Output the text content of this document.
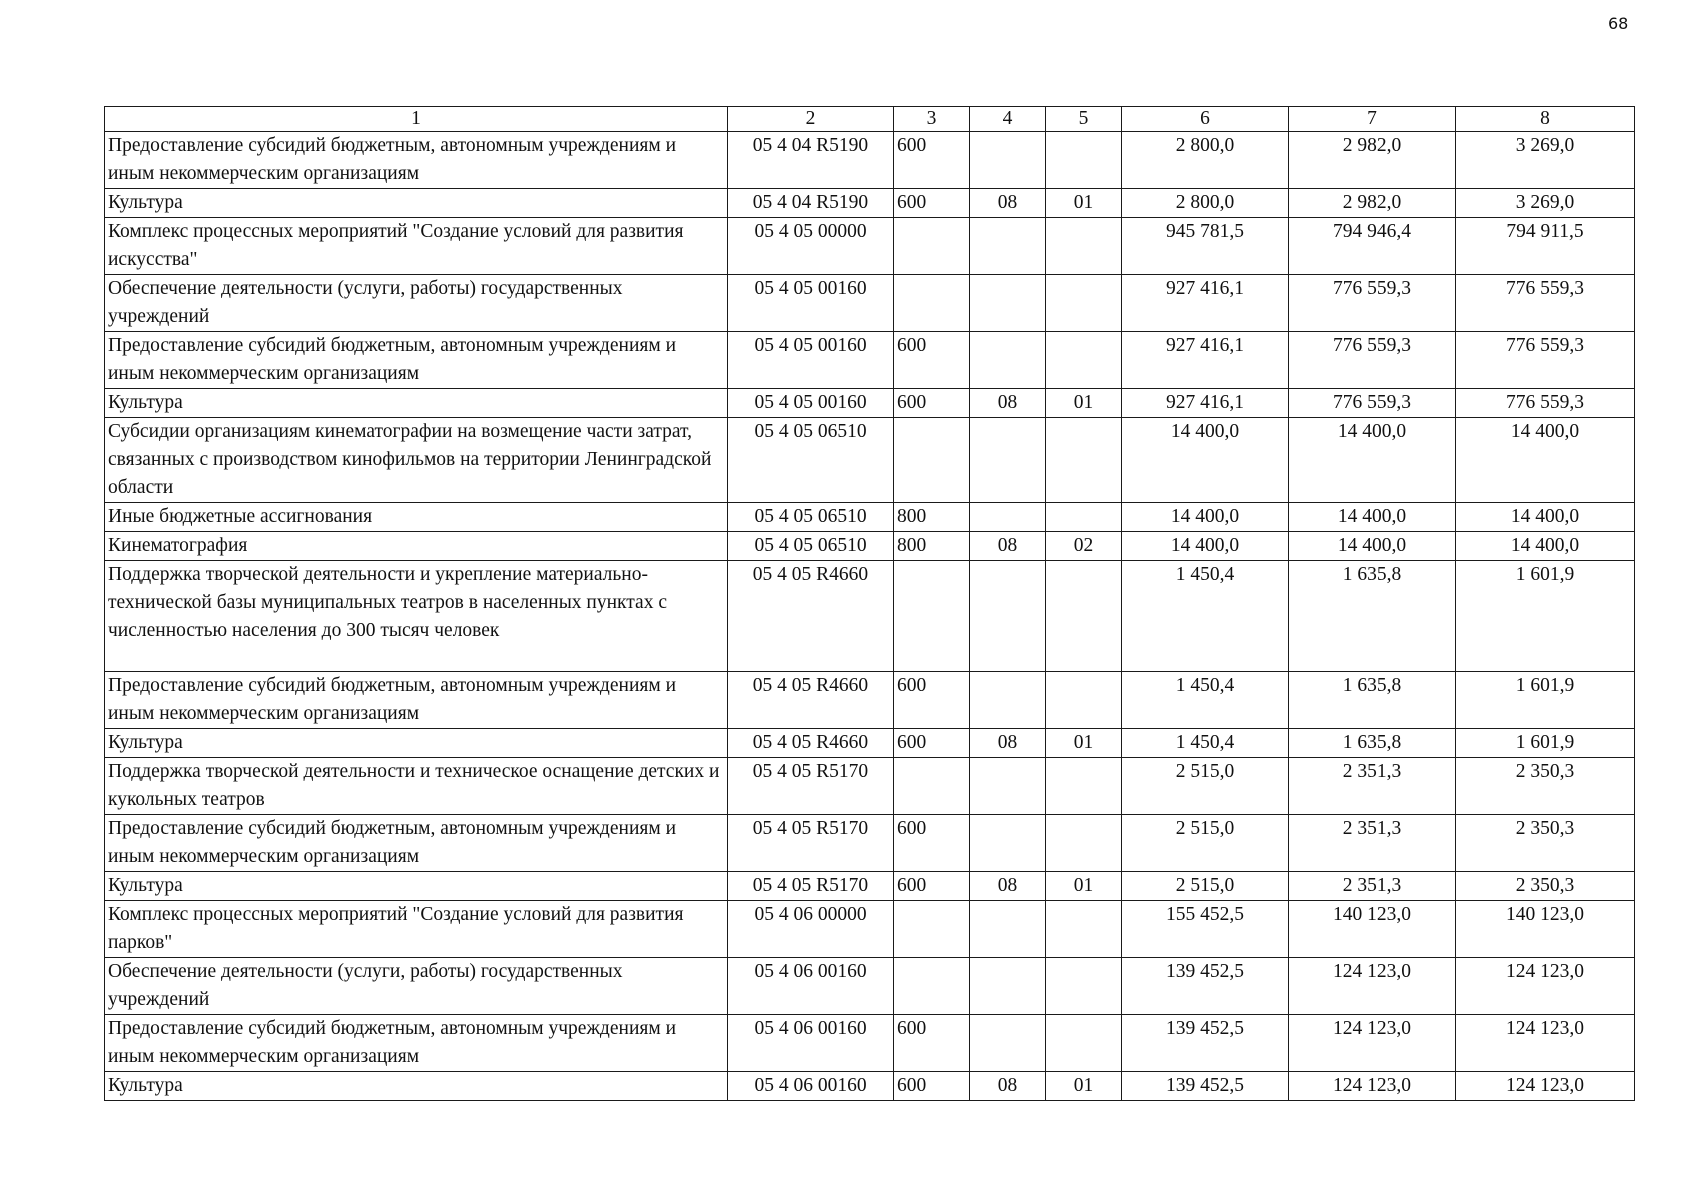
68
1	2	3	4	5	6	7	8
Предоставление субсидий бюджетным, автономным учреждениям и иным некоммерческим организациям	05 4 04 R5190	600			2 800,0	2 982,0	3 269,0
Культура	05 4 04 R5190	600	08	01	2 800,0	2 982,0	3 269,0
Комплекс процессных мероприятий "Создание условий для развития искусства"	05 4 05 00000				945 781,5	794 946,4	794 911,5
Обеспечение деятельности (услуги, работы) государственных учреждений	05 4 05 00160				927 416,1	776 559,3	776 559,3
Предоставление субсидий бюджетным, автономным учреждениям и иным некоммерческим организациям	05 4 05 00160	600			927 416,1	776 559,3	776 559,3
Культура	05 4 05 00160	600	08	01	927 416,1	776 559,3	776 559,3
Субсидии организациям кинематографии на возмещение части затрат, связанных с производством кинофильмов на территории Ленинградской области	05 4 05 06510				14 400,0	14 400,0	14 400,0
Иные бюджетные ассигнования	05 4 05 06510	800			14 400,0	14 400,0	14 400,0
Кинематография	05 4 05 06510	800	08	02	14 400,0	14 400,0	14 400,0
Поддержка творческой деятельности и укрепление материально-технической базы муниципальных театров в населенных пунктах с численностью населения до 300 тысяч человек	05 4 05 R4660				1 450,4	1 635,8	1 601,9
Предоставление субсидий бюджетным, автономным учреждениям и иным некоммерческим организациям	05 4 05 R4660	600			1 450,4	1 635,8	1 601,9
Культура	05 4 05 R4660	600	08	01	1 450,4	1 635,8	1 601,9
Поддержка творческой деятельности и техническое оснащение детских и кукольных театров	05 4 05 R5170				2 515,0	2 351,3	2 350,3
Предоставление субсидий бюджетным, автономным учреждениям и иным некоммерческим организациям	05 4 05 R5170	600			2 515,0	2 351,3	2 350,3
Культура	05 4 05 R5170	600	08	01	2 515,0	2 351,3	2 350,3
Комплекс процессных мероприятий "Создание условий для развития парков"	05 4 06 00000				155 452,5	140 123,0	140 123,0
Обеспечение деятельности (услуги, работы) государственных учреждений	05 4 06 00160				139 452,5	124 123,0	124 123,0
Предоставление субсидий бюджетным, автономным учреждениям и иным некоммерческим организациям	05 4 06 00160	600			139 452,5	124 123,0	124 123,0
Культура	05 4 06 00160	600	08	01	139 452,5	124 123,0	124 123,0
